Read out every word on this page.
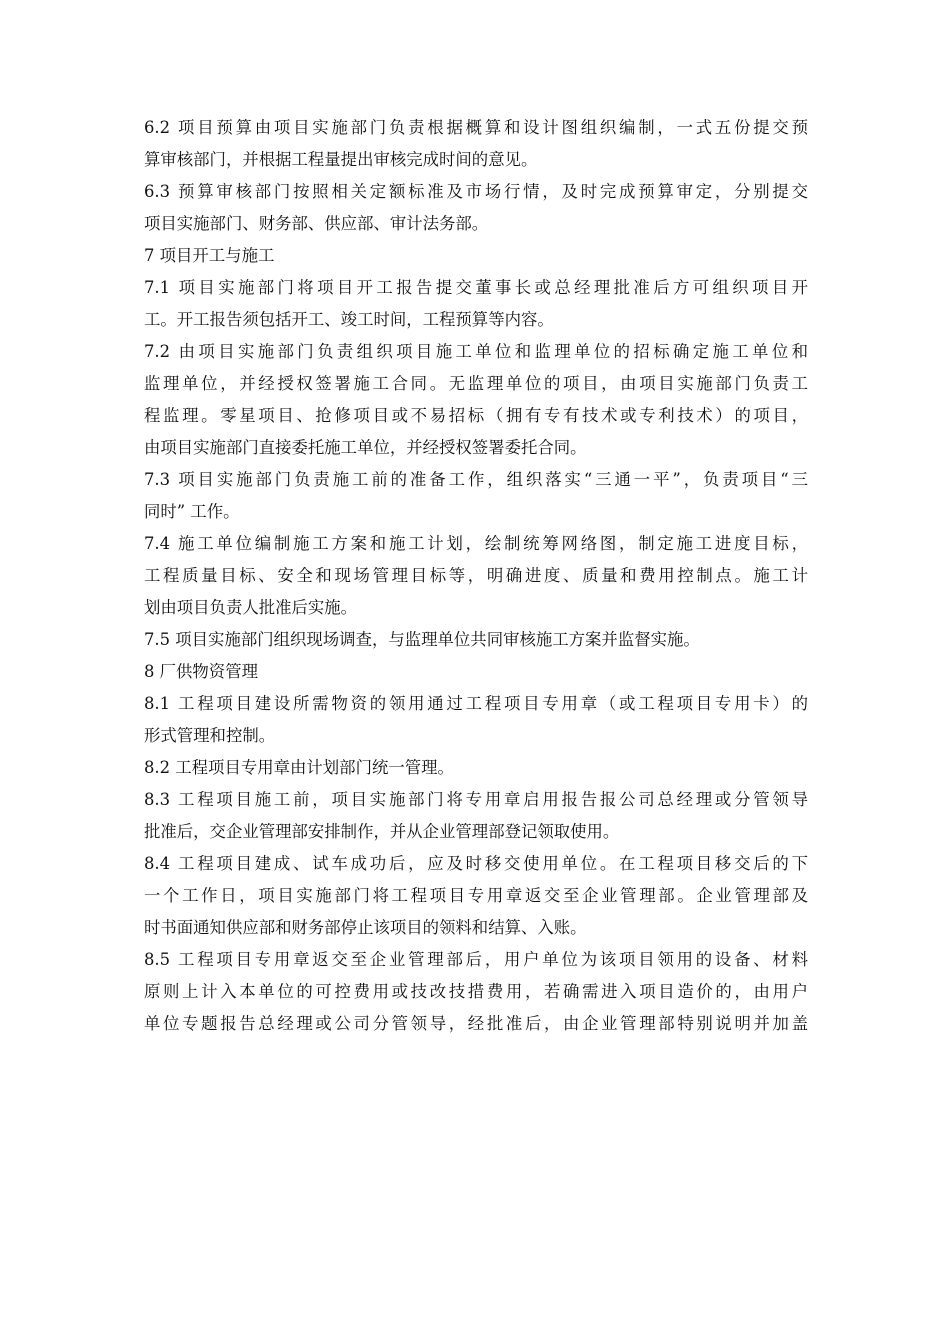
6.2 项目预算由项目实施部门负责根据概算和设计图组织编制，一式五份提交预
算审核部门，并根据工程量提出审核完成时间的意见。
6.3 预算审核部门按照相关定额标准及市场行情，及时完成预算审定，分别提交
项目实施部门、财务部、供应部、审计法务部。
7 项目开工与施工
7.1 项目实施部门将项目开工报告提交董事长或总经理批准后方可组织项目开
工。开工报告须包括开工、竣工时间，工程预算等内容。
7.2 由项目实施部门负责组织项目施工单位和监理单位的招标确定施工单位和
监理单位，并经授权签署施工合同。无监理单位的项目，由项目实施部门负责工
程监理。零星项目、抢修项目或不易招标（拥有专有技术或专利技术）的项目，
由项目实施部门直接委托施工单位，并经授权签署委托合同。
7.3 项目实施部门负责施工前的准备工作，组织落实“三通一平”，负责项目“三
同时” 工作。
7.4 施工单位编制施工方案和施工计划，绘制统筹网络图，制定施工进度目标，
工程质量目标、安全和现场管理目标等，明确进度、质量和费用控制点。施工计
划由项目负责人批准后实施。
7.5 项目实施部门组织现场调查，与监理单位共同审核施工方案并监督实施。
8 厂供物资管理
8.1 工程项目建设所需物资的领用通过工程项目专用章（或工程项目专用卡）的
形式管理和控制。
8.2 工程项目专用章由计划部门统一管理。
8.3 工程项目施工前，项目实施部门将专用章启用报告报公司总经理或分管领导
批准后，交企业管理部安排制作，并从企业管理部登记领取使用。
8.4 工程项目建成、试车成功后，应及时移交使用单位。在工程项目移交后的下
一个工作日，项目实施部门将工程项目专用章返交至企业管理部。企业管理部及
时书面通知供应部和财务部停止该项目的领料和结算、入账。
8.5 工程项目专用章返交至企业管理部后，用户单位为该项目领用的设备、材料
原则上计入本单位的可控费用或技改技措费用，若确需进入项目造价的，由用户
单位专题报告总经理或公司分管领导，经批准后，由企业管理部特别说明并加盖
